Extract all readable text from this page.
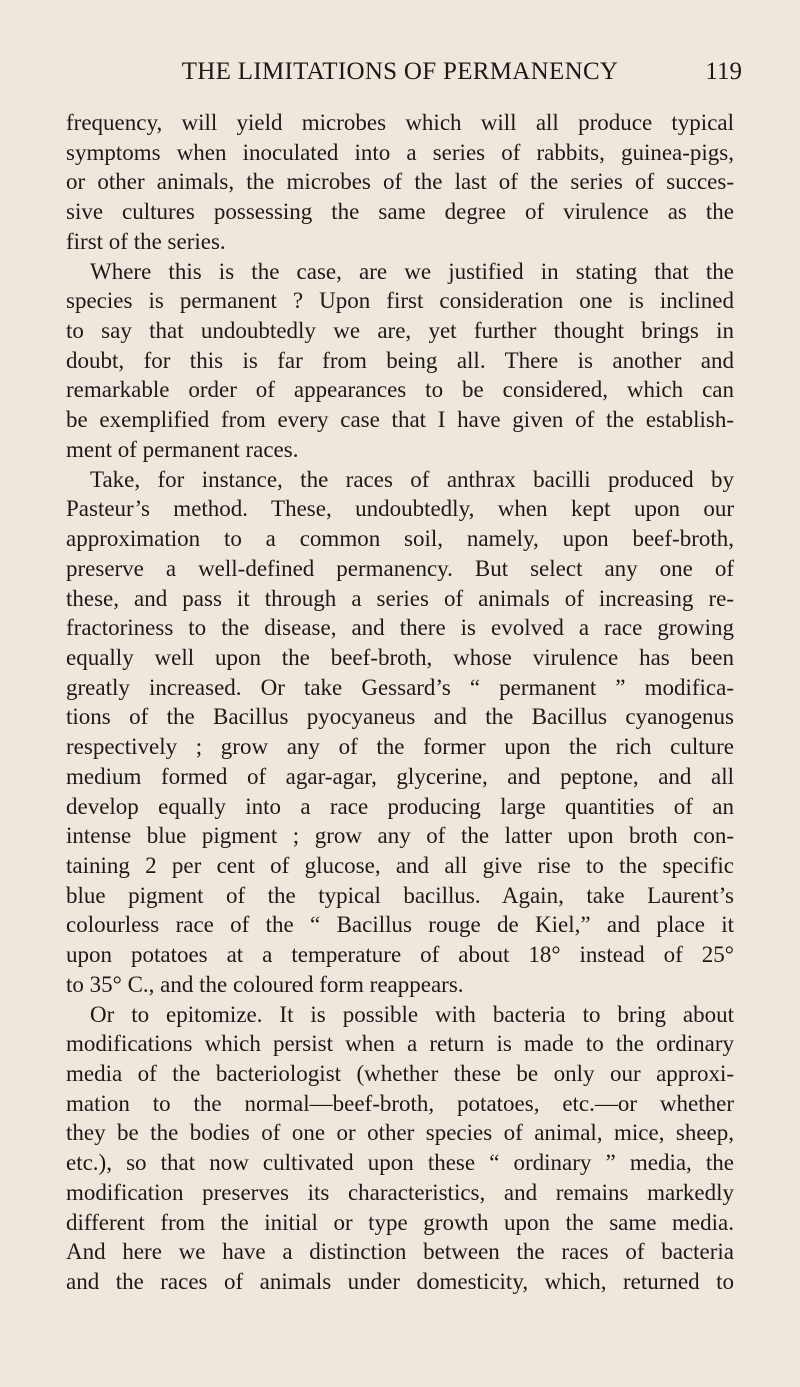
THE LIMITATIONS OF PERMANENCY	119

frequency, will yield microbes which will all produce typical
symptoms when inoculated into a series of rabbits, guinea-pigs,
or other animals, the microbes of the last of the series of succes-
sive cultures possessing the same degree of virulence as the
first of the series.

Where this is the case, are we justified in stating that the
species is permanent ? Upon first consideration one is inclined
to say that undoubtedly we are, yet further thought brings in
doubt, for this is far from being all. There is another and
remarkable order of appearances to be considered, which can
be exemplified from every case that I have given of the establish-
ment of permanent races.

Take, for instance, the races of anthrax bacilli produced by
Pasteur’s method. These, undoubtedly, when kept upon our
approximation to a common soil, namely, upon beef-broth,
preserve a well-defined permanency. But select any one of
these, and pass it through a series of animals of increasing re-
fractoriness to the disease, and there is evolved a race growing
equally well upon the beef-broth, whose virulence has been
greatly increased. Or take Gessard’s “ permanent ” modifica-
tions of the Bacillus pyocyaneus and the Bacillus cyanogenus
respectively ; grow any of the former upon the rich culture
medium formed of agar-agar, glycerine, and peptone, and all
develop equally into a race producing large quantities of an
intense blue pigment ; grow any of the latter upon broth con-
taining 2 per cent of glucose, and all give rise to the specific
blue pigment of the typical bacillus. Again, take Laurent’s
colourless race of the “ Bacillus rouge de Kiel,” and place it
upon potatoes at a temperature of about 18° instead of 25°
to 35° C., and the coloured form reappears.

Or to epitomize. It is possible with bacteria to bring about
modifications which persist when a return is made to the ordinary
media of the bacteriologist (whether these be only our approxi-
mation to the normal—beef-broth, potatoes, etc.—or whether
they be the bodies of one or other species of animal, mice, sheep,
etc.), so that now cultivated upon these “ ordinary ” media, the
modification preserves its characteristics, and remains markedly
different from the initial or type growth upon the same media.
And here we have a distinction between the races of bacteria
and the races of animals under domesticity, which, returned to
